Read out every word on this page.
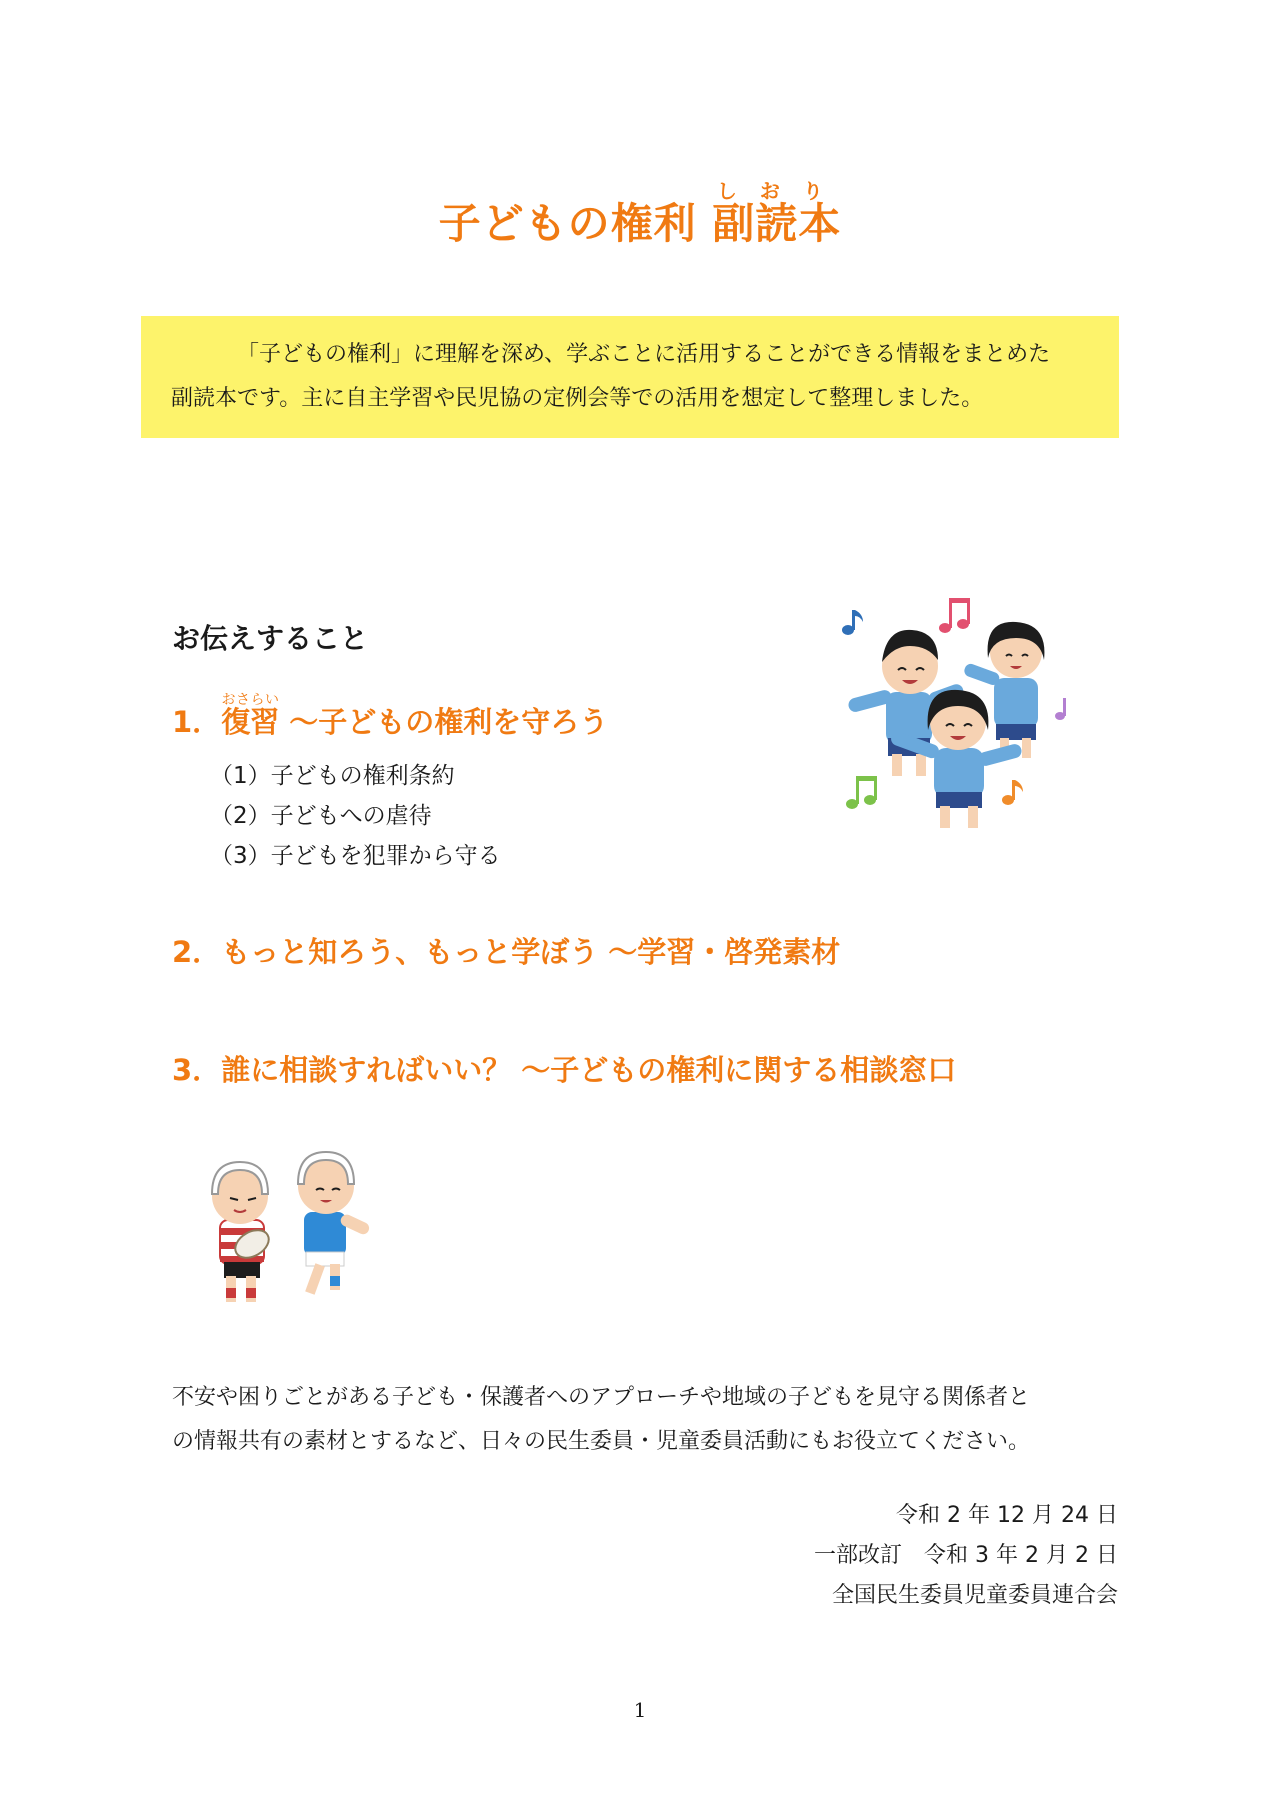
子どもの権利 副読本しおり

「子どもの権利」に理解を深め、学ぶことに活用することができる情報をまとめた

副読本です。主に自主学習や民児協の定例会等での活用を想定して整理しました。

お伝えすること
1．復習おさらい ～子どもの権利を守ろう
（1）子どもの権利条約
（2）子どもへの虐待
（3）子どもを犯罪から守る
2．もっと知ろう、もっと学ぼう ～学習・啓発素材
3．誰に相談すればいい？ ～子どもの権利に関する相談窓口

不安や困りごとがある子ども・保護者へのアプローチや地域の子どもを見守る関係者と

の情報共有の素材とするなど、日々の民生委員・児童委員活動にもお役立てください。

令和 2 年 12 月 24 日
一部改訂　令和 3 年 2 月 2 日
全国民生委員児童委員連合会
1
